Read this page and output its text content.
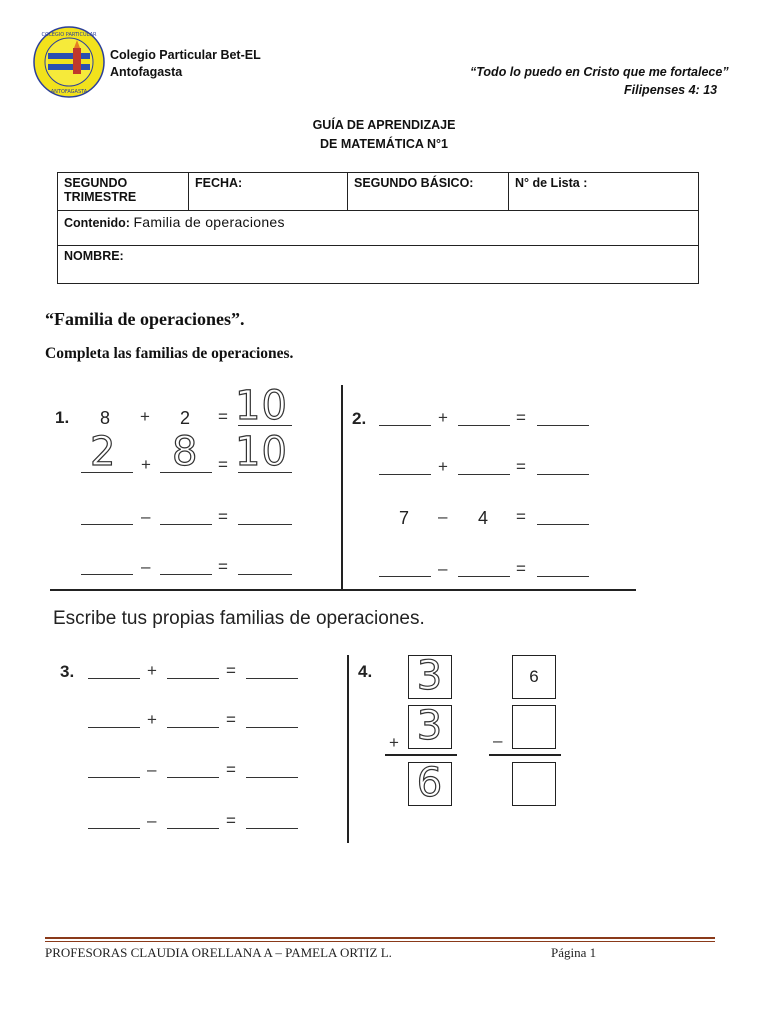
COLEGIO PARTICULAR
ANTOFAGASTA
Colegio Particular Bet-EL
Antofagasta	“Todo lo puedo en Cristo que me fortalece”
Filipenses 4: 13
GUÍA DE APRENDIZAJE
DE MATEMÁTICA N°1
SEGUNDO
TRIMESTRE
	FECHA:	SEGUNDO BÁSICO:	N° de Lista :
Contenido: Familia de operaciones
NOMBRE:
“Familia de operaciones”.
Completa las familias de operaciones.
1. 8 + 2 = 10
2 + 8 = 10
–	=
–	=
2.	+	=
+	=
7 – 4 =
–	=
Escribe tus propias familias de operaciones.
3.	+	=
+	=
–	=
–	=
4. 3
+ 3
6
6
–
PROFESORAS CLAUDIA ORELLANA A – PAMELA ORTIZ L.	Página 1
